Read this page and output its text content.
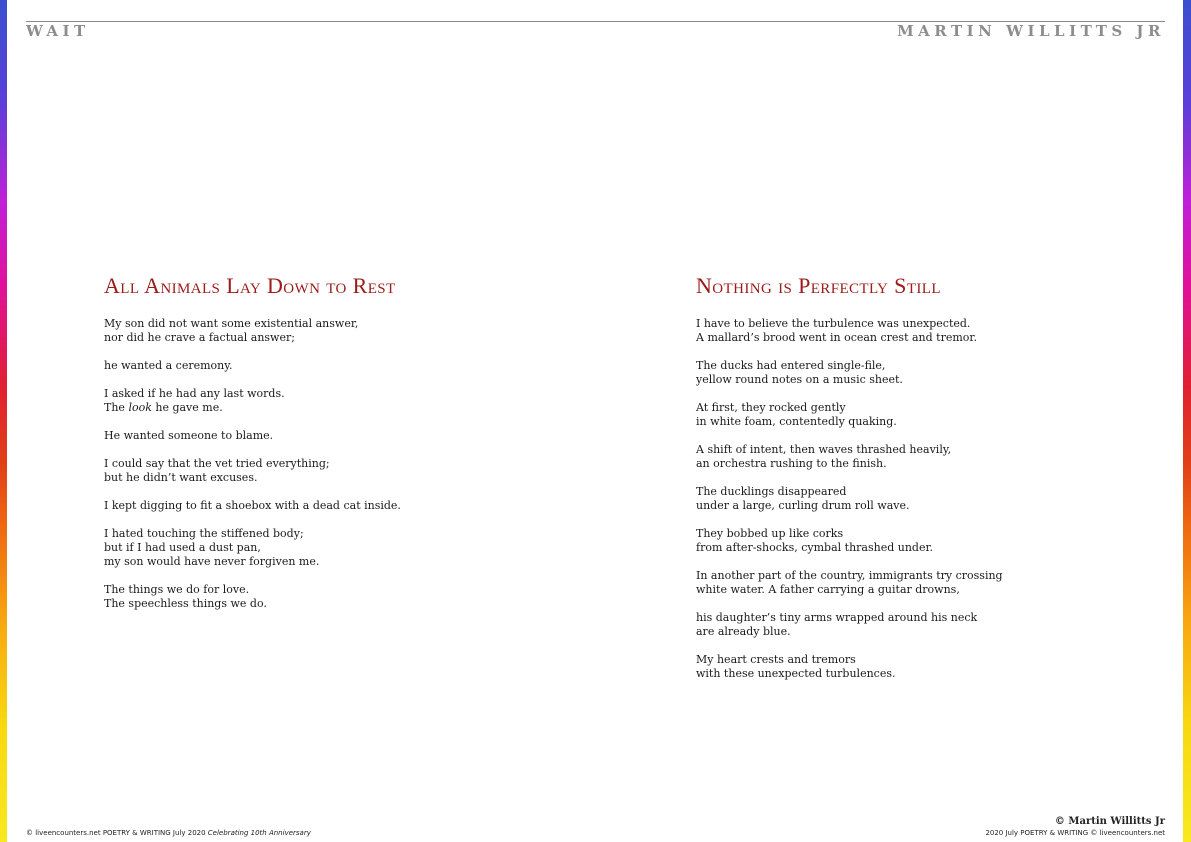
WAIT	MARTIN WILLITTS JR
All Animals Lay Down to Rest

My son did not want some existential answer,
nor did he crave a factual answer;

he wanted a ceremony.

I asked if he had any last words.
The look he gave me.

He wanted someone to blame.

I could say that the vet tried everything;
but he didn’t want excuses.

I kept digging to fit a shoebox with a dead cat inside.

I hated touching the stiffened body;
but if I had used a dust pan,
my son would have never forgiven me.

The things we do for love.
The speechless things we do.

Nothing is Perfectly Still

I have to believe the turbulence was unexpected.
A mallard’s brood went in ocean crest and tremor.

The ducks had entered single-file,
yellow round notes on a music sheet.

At first, they rocked gently
in white foam, contentedly quaking.

A shift of intent, then waves thrashed heavily,
an orchestra rushing to the finish.

The ducklings disappeared
under a large, curling drum roll wave.

They bobbed up like corks
from after-shocks, cymbal thrashed under.

In another part of the country, immigrants try crossing
white water. A father carrying a guitar drowns,

his daughter’s tiny arms wrapped around his neck
are already blue.

My heart crests and tremors
with these unexpected turbulences.

© liveencounters.net POETRY & WRITING July 2020 Celebrating 10th Anniversary
© Martin Willitts Jr
2020 July POETRY & WRITING © liveencounters.net
